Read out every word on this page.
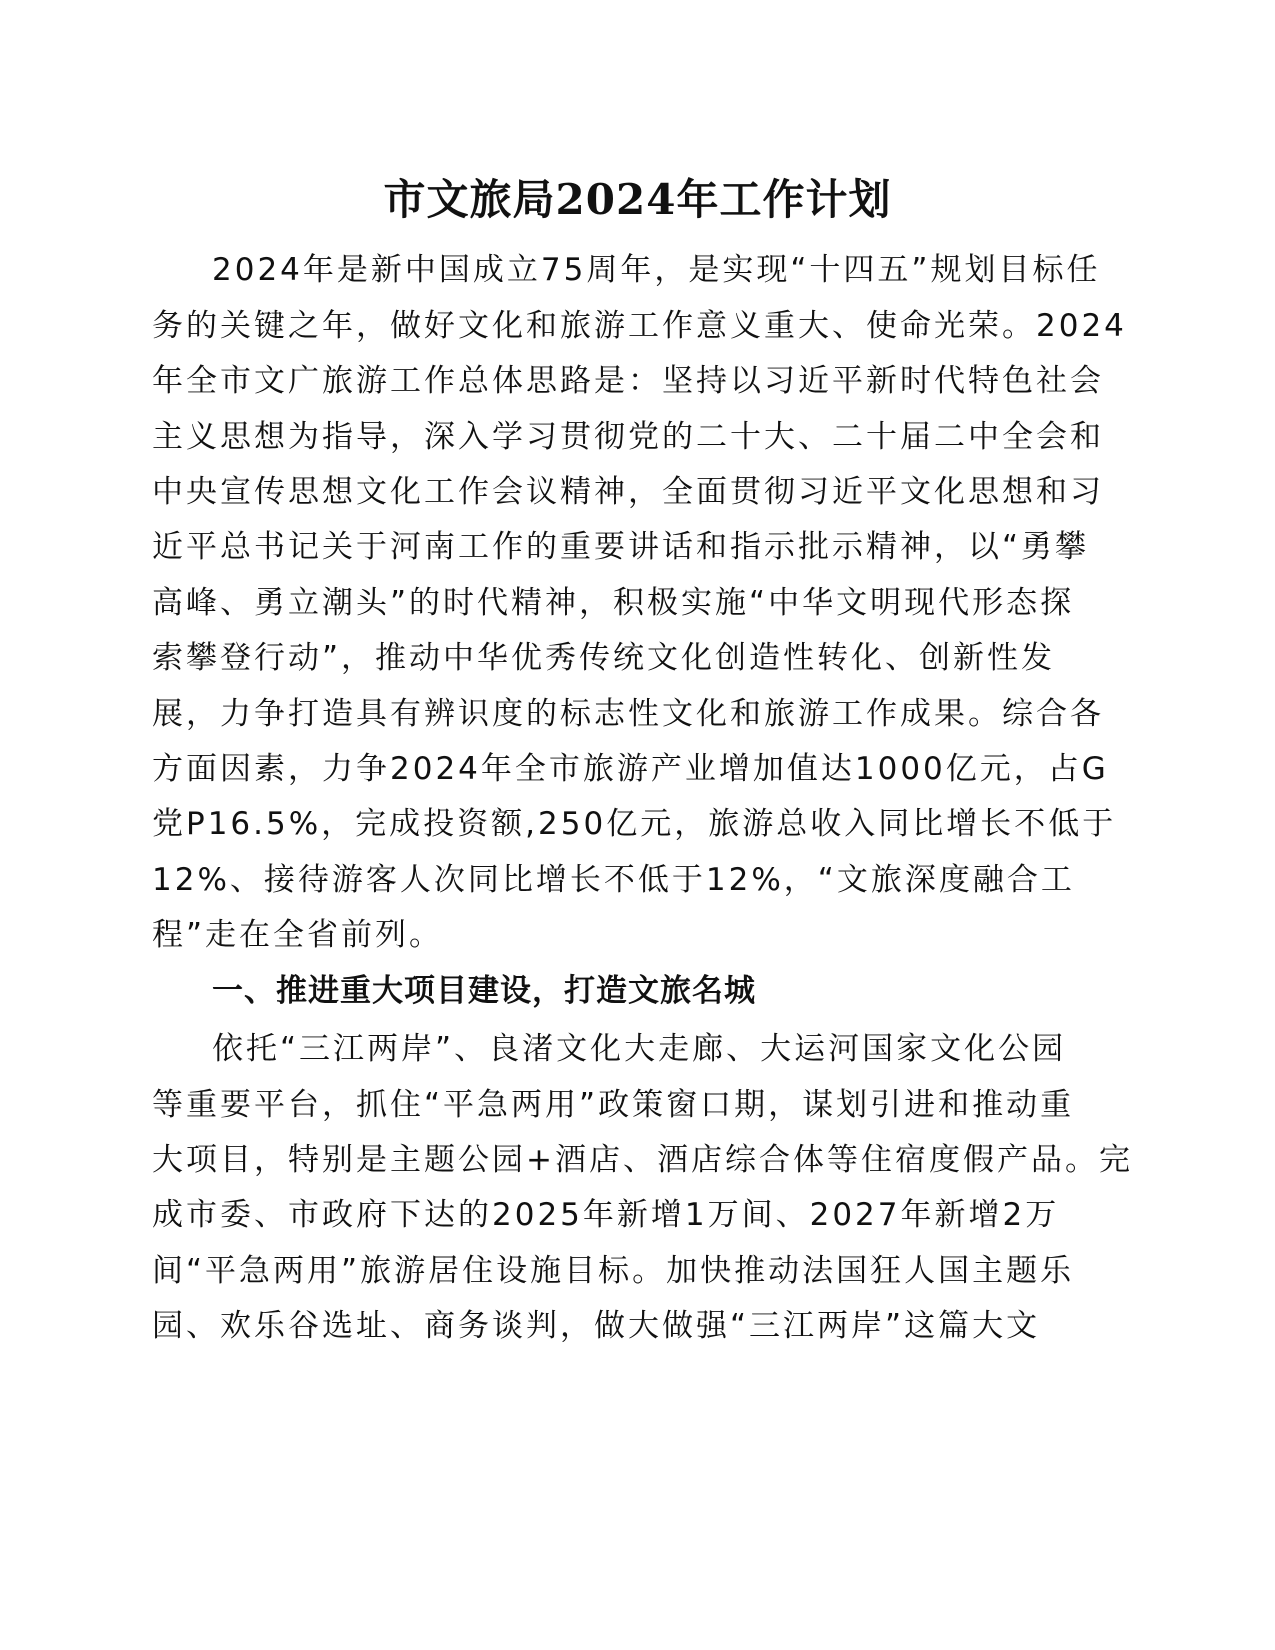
市文旅局2024年工作计划
2024年是新中国成立75周年，是实现“十四五”规划目标任
务的关键之年，做好文化和旅游工作意义重大、使命光荣。2024
年全市文广旅游工作总体思路是：坚持以习近平新时代特色社会
主义思想为指导，深入学习贯彻党的二十大、二十届二中全会和
中央宣传思想文化工作会议精神，全面贯彻习近平文化思想和习
近平总书记关于河南工作的重要讲话和指示批示精神，以“勇攀
高峰、勇立潮头”的时代精神，积极实施“中华文明现代形态探
索攀登行动”，推动中华优秀传统文化创造性转化、创新性发
展，力争打造具有辨识度的标志性文化和旅游工作成果。综合各
方面因素，力争2024年全市旅游产业增加值达1000亿元，占G
党P16.5%，完成投资额,250亿元，旅游总收入同比增长不低于
12%、接待游客人次同比增长不低于12%，“文旅深度融合工
程”走在全省前列。
一、推进重大项目建设，打造文旅名城
依托“三江两岸”、良渚文化大走廊、大运河国家文化公园
等重要平台，抓住“平急两用”政策窗口期，谋划引进和推动重
大项目，特别是主题公园+酒店、酒店综合体等住宿度假产品。完
成市委、市政府下达的2025年新增1万间、2027年新增2万
间“平急两用”旅游居住设施目标。加快推动法国狂人国主题乐
园、欢乐谷选址、商务谈判，做大做强“三江两岸”这篇大文
